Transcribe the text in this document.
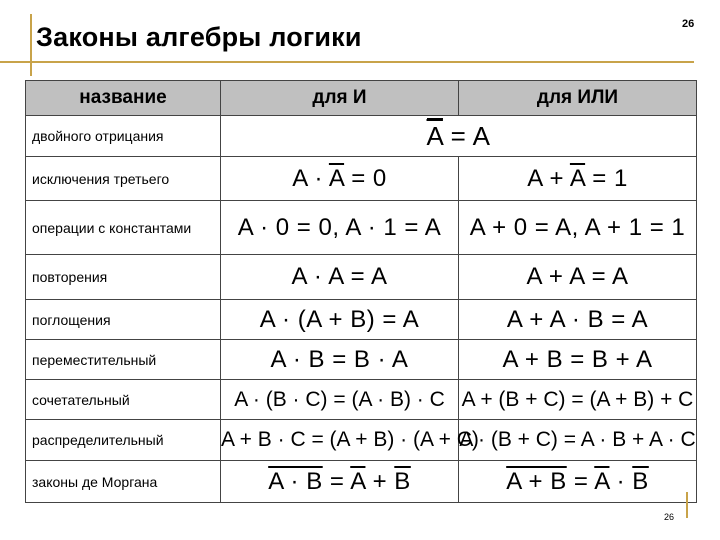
Законы алгебры логики	26
название	для И	для ИЛИ
двойного отрицания	$\overline{A} = A$	
исключения третьего	$A \cdot \overline{A} = 0$	$A + \overline{A} = 1$
операции с константами	A · 0 = 0, A · 1 = A	A + 0 = A, A + 1 = 1
повторения	A · A = A	A + A = A
поглощения	A · (A + B) = A	A + A · B = A
переместительный	A · B = B · A	A + B = B + A
сочетательный	A · (B · C) = (A · B) · C	A + (B + C) = (A + B) + C
распределительный	A + B · C = (A + B) · (A + C)	A · (B + C) = A · B + A · C
законы де Моргана	$A \cdot B = \overline{A} + \overline{B}$	$A + B = \overline{A} \cdot \overline{B}$
26
